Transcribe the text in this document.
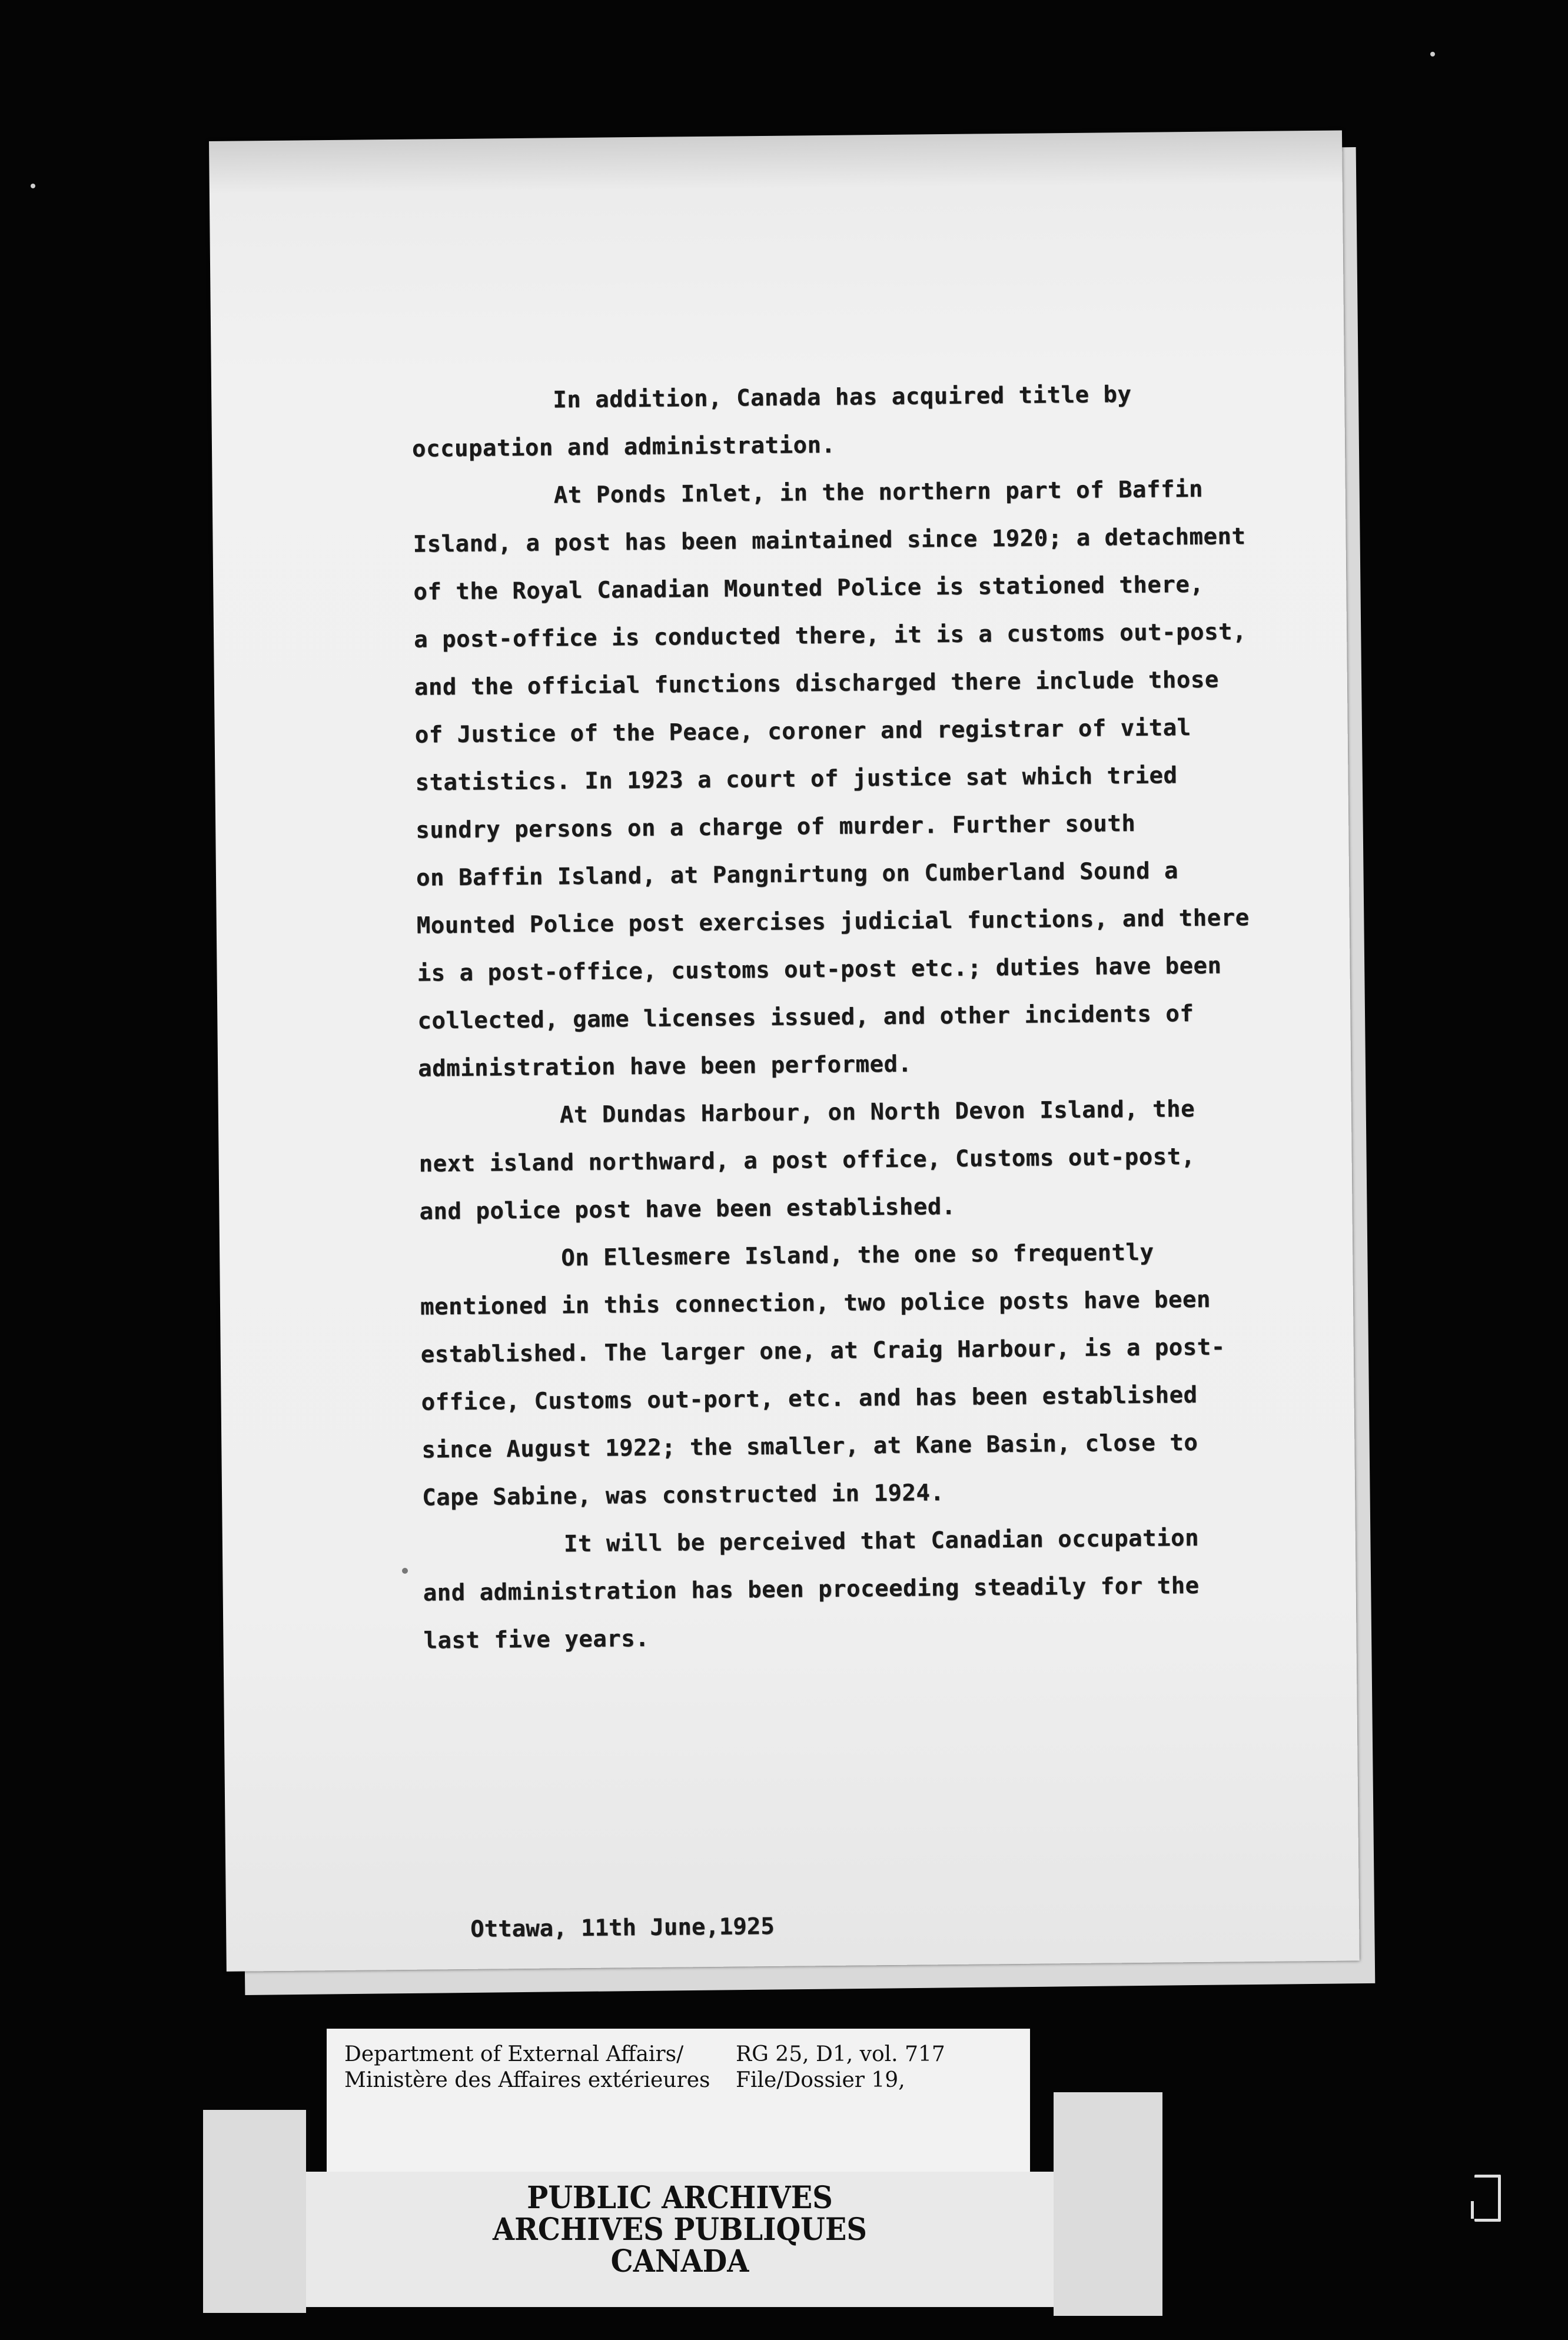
In addition, Canada has acquired title by
occupation and administration.
At Ponds Inlet, in the northern part of Baffin
Island, a post has been maintained since 1920; a detachment
of the Royal Canadian Mounted Police is stationed there,
a post-office is conducted there, it is a customs out-post,
and the official functions discharged there include those
of Justice of the Peace, coroner and registrar of vital
statistics. In 1923 a court of justice sat which tried
sundry persons on a charge of murder. Further south
on Baffin Island, at Pangnirtung on Cumberland Sound a
Mounted Police post exercises judicial functions, and there
is a post-office, customs out-post etc.; duties have been
collected, game licenses issued, and other incidents of
administration have been performed.
At Dundas Harbour, on North Devon Island, the
next island northward, a post office, Customs out-post,
and police post have been established.
On Ellesmere Island, the one so frequently
mentioned in this connection, two police posts have been
established. The larger one, at Craig Harbour, is a post-
office, Customs out-port, etc. and has been established
since August 1922; the smaller, at Kane Basin, close to
Cape Sabine, was constructed in 1924.
It will be perceived that Canadian occupation
and administration has been proceeding steadily for the
last five years.
Ottawa, 11th June,1925
Department of External Affairs/
Ministère des Affaires extérieures
RG 25, D1, vol. 717
File/Dossier 19,
PUBLIC ARCHIVES
ARCHIVES PUBLIQUES
CANADA
